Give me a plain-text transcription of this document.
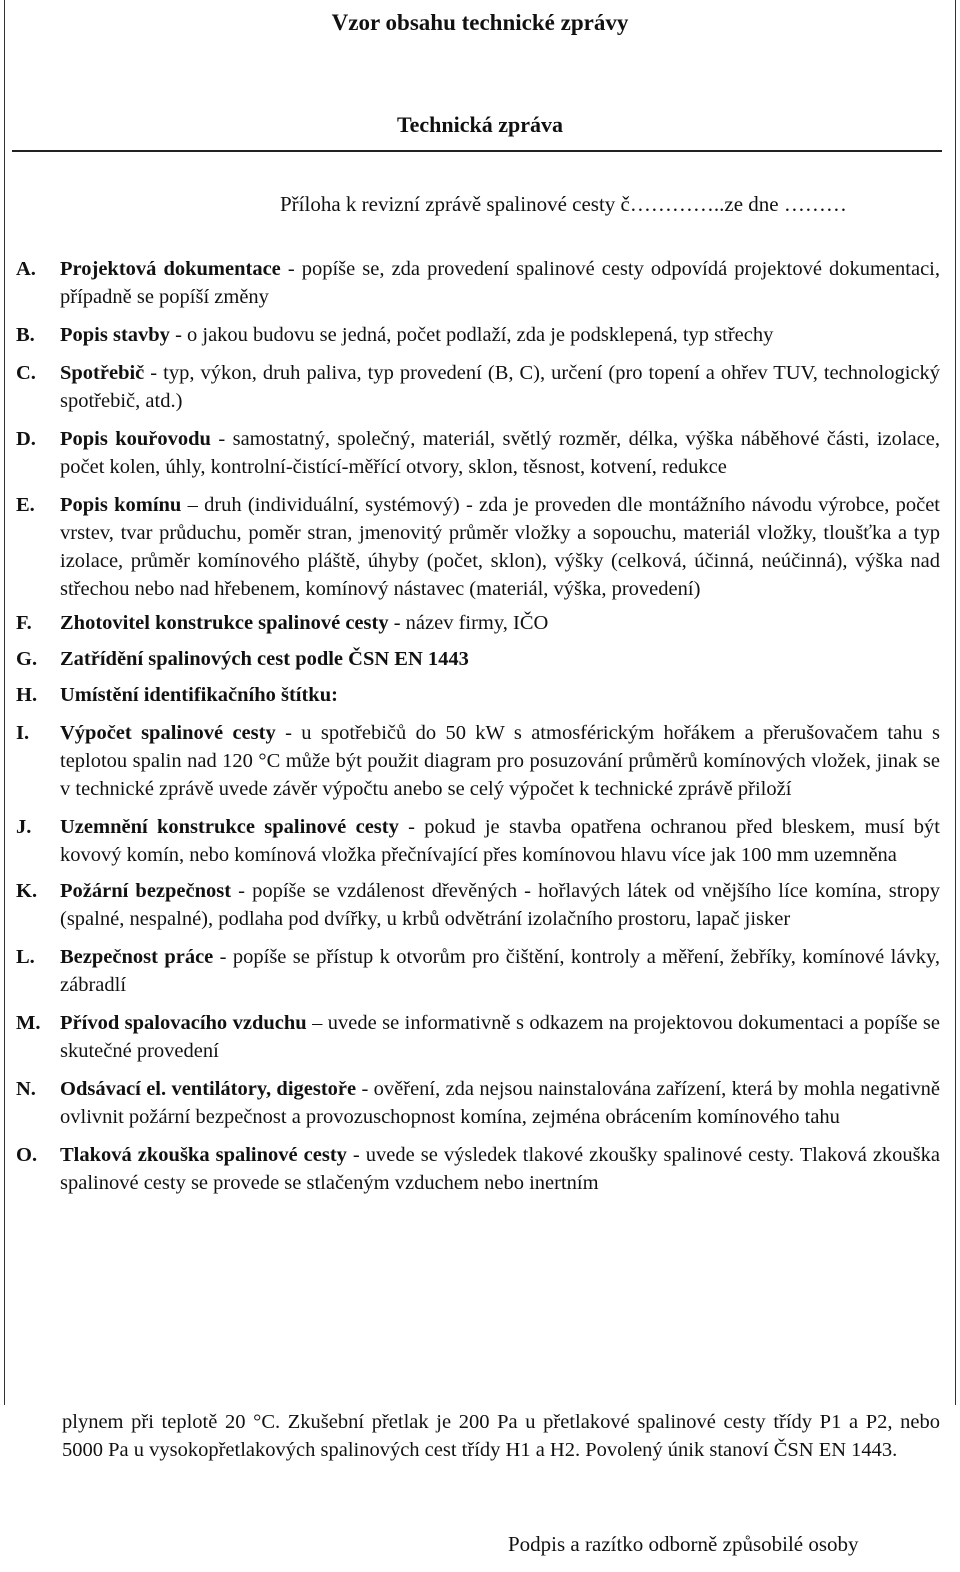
Vzor obsahu technické zprávy
Technická zpráva
Příloha k revizní zprávě spalinové cesty č…………..ze dne ………
A.	Projektová dokumentace - popíše se, zda provedení spalinové cesty odpovídá projektové dokumentaci, případně se popíší změny
B.	Popis stavby - o jakou budovu se jedná, počet podlaží, zda je podsklepená, typ střechy
C.	Spotřebič - typ, výkon, druh paliva, typ provedení (B, C), určení (pro topení a ohřev TUV, technologický spotřebič, atd.)
D.	Popis kouřovodu - samostatný, společný, materiál, světlý rozměr, délka, výška náběhové části, izolace, počet kolen, úhly, kontrolní-čistící-měřící otvory, sklon, těsnost, kotvení, redukce
E.	Popis komínu – druh (individuální, systémový) - zda je proveden dle montážního návodu výrobce, počet vrstev, tvar průduchu, poměr stran, jmenovitý průměr vložky a sopouchu, materiál vložky, tloušťka a typ izolace, průměr komínového pláště, úhyby (počet, sklon), výšky (celková, účinná, neúčinná), výška nad střechou nebo nad hřebenem, komínový nástavec (materiál, výška, provedení)
F.	Zhotovitel konstrukce spalinové cesty - název firmy, IČO
G.	Zatřídění spalinových cest podle ČSN EN 1443
H.	Umístění identifikačního štítku:
I.	Výpočet spalinové cesty - u spotřebičů do 50 kW s atmosférickým hořákem a přerušovačem tahu s teplotou spalin nad 120 °C může být použit diagram pro posuzování průměrů komínových vložek, jinak se v technické zprávě uvede závěr výpočtu anebo se celý výpočet k technické zprávě přiloží
J.	Uzemnění konstrukce spalinové cesty - pokud je stavba opatřena ochranou před bleskem, musí být kovový komín, nebo komínová vložka přečnívající přes komínovou hlavu více jak 100 mm uzemněna
K.	Požární bezpečnost - popíše se vzdálenost dřevěných - hořlavých látek od vnějšího líce komína, stropy (spalné, nespalné), podlaha pod dvířky, u krbů odvětrání izolačního prostoru, lapač jisker
L.	Bezpečnost práce - popíše se přístup k otvorům pro čištění, kontroly a měření, žebříky, komínové lávky, zábradlí
M. Přívod spalovacího vzduchu – uvede se informativně s odkazem na projektovou dokumentaci a popíše se skutečné provedení
N.	Odsávací el. ventilátory, digestoře - ověření, zda nejsou nainstalována zařízení, která by mohla negativně ovlivnit požární bezpečnost a provozuschopnost komína, zejména obrácením komínového tahu
O.	Tlaková zkouška spalinové cesty - uvede se výsledek tlakové zkoušky spalinové cesty. Tlaková zkouška spalinové cesty se provede se stlačeným vzduchem nebo inertním
plynem při teplotě 20 °C. Zkušební přetlak je 200 Pa u přetlakové spalinové cesty třídy P1 a P2, nebo 5000 Pa u vysokopřetlakových spalinových cest třídy H1 a H2. Povolený únik stanoví ČSN EN 1443.
Podpis a razítko odborně způsobilé osoby
